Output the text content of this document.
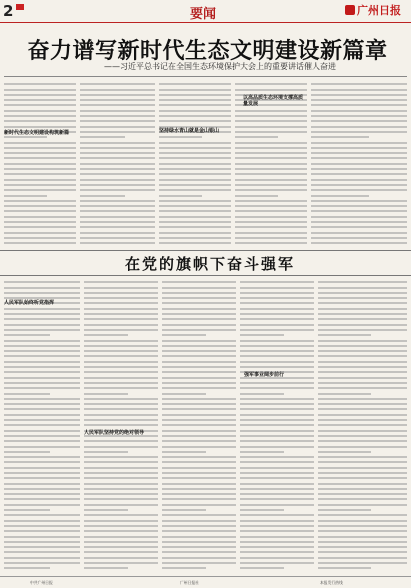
2	要闻	广州日报
奋力谱写新时代生态文明建设新篇章
——习近平总书记在全国生态环境保护大会上的重要讲话催人奋进
新时代生态文明建设构筑新篇	坚持绿水青山就是金山银山
以高品质生态环境支撑高质量发展
在党的旗帜下奋斗强军
人民军队始终听党指挥
人民军队坚持党的绝对领导
强军事业阔步前行
中共广州日报	广州日报社	本报发行热线
